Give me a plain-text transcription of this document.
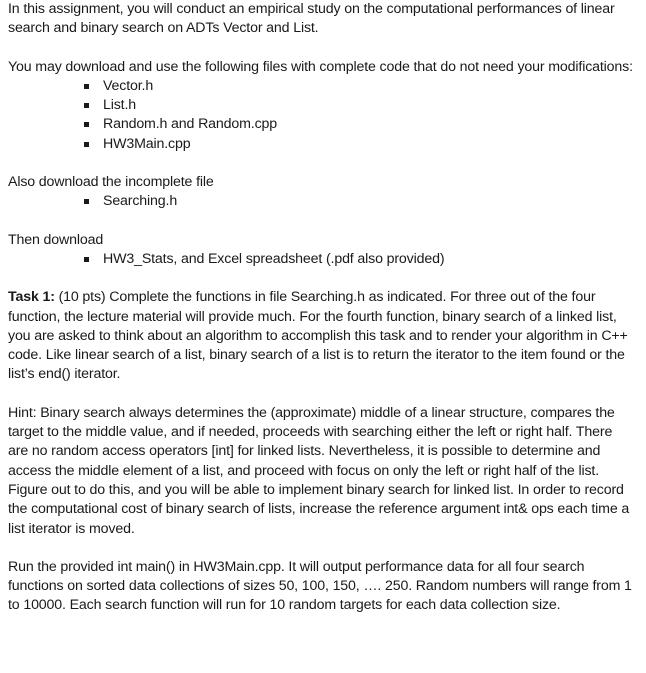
In this assignment, you will conduct an empirical study on the computational performances of linear search and binary search on ADTs Vector and List.

You may download and use the following files with complete code that do not need your modifications:

Vector.h
List.h
Random.h and Random.cpp
HW3Main.cpp

Also download the incomplete file

Searching.h

Then download

HW3_Stats, and Excel spreadsheet (.pdf also provided)

Task 1: (10 pts) Complete the functions in file Searching.h as indicated. For three out of the four function, the lecture material will provide much. For the fourth function, binary search of a linked list, you are asked to think about an algorithm to accomplish this task and to render your algorithm in C++ code. Like linear search of a list, binary search of a list is to return the iterator to the item found or the list’s end() iterator.

Hint: Binary search always determines the (approximate) middle of a linear structure, compares the target to the middle value, and if needed, proceeds with searching either the left or right half. There are no random access operators [int] for linked lists. Nevertheless, it is possible to determine and access the middle element of a list, and proceed with focus on only the left or right half of the list. Figure out to do this, and you will be able to implement binary search for linked list. In order to record the computational cost of binary search of lists, increase the reference argument int& ops each time a list iterator is moved.

Run the provided int main() in HW3Main.cpp. It will output performance data for all four search functions on sorted data collections of sizes 50, 100, 150, …. 250. Random numbers will range from 1 to 10000. Each search function will run for 10 random targets for each data collection size.
